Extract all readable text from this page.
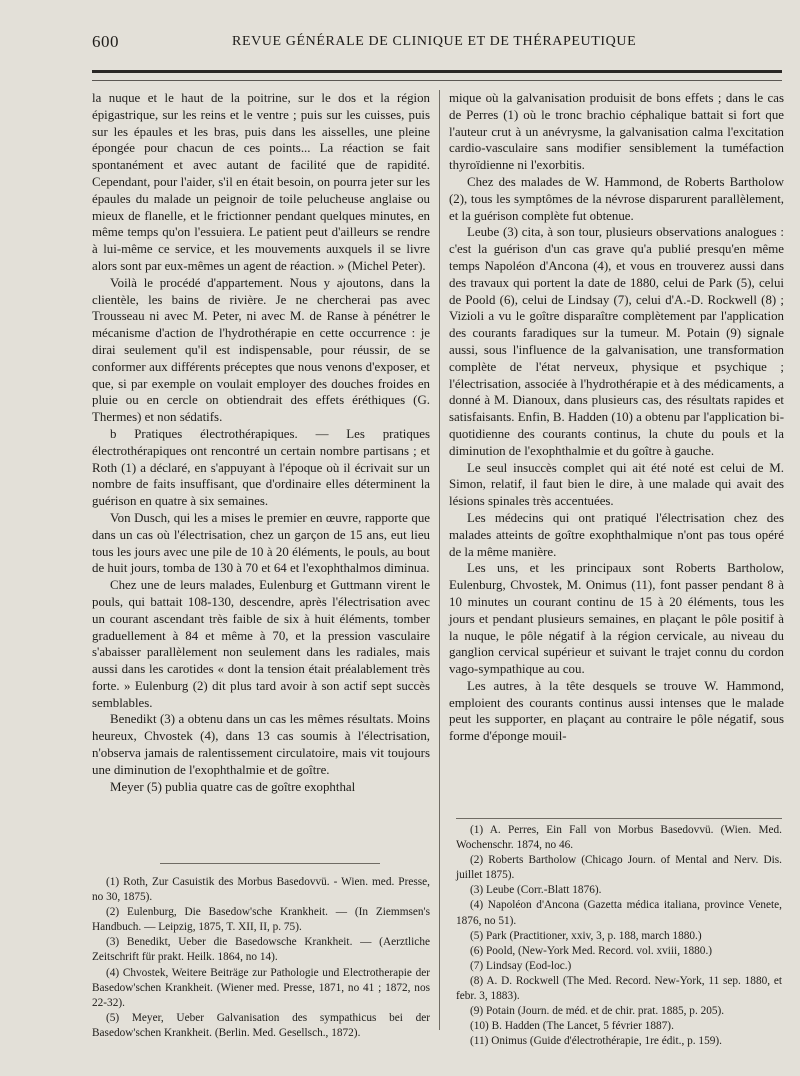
600	REVUE GÉNÉRALE DE CLINIQUE ET DE THÉRAPEUTIQUE

la nuque et le haut de la poitrine, sur le dos et la région épigastrique, sur les reins et le ventre ; puis sur les cuisses, puis sur les épaules et les bras, puis dans les aisselles, une pleine épongée pour chacun de ces points... La réaction se fait spontanément et avec autant de facilité que de rapidité. Cependant, pour l'aider, s'il en était besoin, on pourra jeter sur les épaules du malade un peignoir de toile pelucheuse anglaise ou mieux de flanelle, et le frictionner pendant quelques minutes, en même temps qu'on l'essuiera. Le patient peut d'ailleurs se rendre à lui-même ce service, et les mouvements auxquels il se livre alors sont par eux-mêmes un agent de réaction. » (Michel Peter).

Voilà le procédé d'appartement. Nous y ajoutons, dans la clientèle, les bains de rivière. Je ne chercherai pas avec Trousseau ni avec M. Peter, ni avec M. de Ranse à pénétrer le mécanisme d'action de l'hydrothérapie en cette occurrence : je dirai seulement qu'il est indispensable, pour réussir, de se conformer aux différents préceptes que nous venons d'exposer, et que, si par exemple on voulait employer des douches froides en pluie ou en cercle on obtiendrait des effets éréthiques (G. Thermes) et non sédatifs.

b Pratiques électrothérapiques. — Les pratiques électrothérapiques ont rencontré un certain nombre partisans ; et Roth (1) a déclaré, en s'appuyant à l'époque où il écrivait sur un nombre de faits insuffisant, que d'ordinaire elles déterminent la guérison en quatre à six semaines.

Von Dusch, qui les a mises le premier en œuvre, rapporte que dans un cas où l'électrisation, chez un garçon de 15 ans, eut lieu tous les jours avec une pile de 10 à 20 éléments, le pouls, au bout de huit jours, tomba de 130 à 70 et 64 et l'exophthalmos diminua.

Chez une de leurs malades, Eulenburg et Guttmann virent le pouls, qui battait 108-130, descendre, après l'électrisation avec un courant ascendant très faible de six à huit éléments, tomber graduellement à 84 et même à 70, et la pression vasculaire s'abaisser parallèlement non seulement dans les radiales, mais aussi dans les carotides « dont la tension était préalablement très forte. » Eulenburg (2) dit plus tard avoir à son actif sept succès semblables.

Benedikt (3) a obtenu dans un cas les mêmes résultats. Moins heureux, Chvostek (4), dans 13 cas soumis à l'électrisation, n'observa jamais de ralentissement circulatoire, mais vit toujours une diminution de l'exophthalmie et de goître.

Meyer (5) publia quatre cas de goître exophthal

mique où la galvanisation produisit de bons effets ; dans le cas de Perres (1) où le tronc brachio céphalique battait si fort que l'auteur crut à un anévrysme, la galvanisation calma l'excitation cardio-vasculaire sans modifier sensiblement la tuméfaction thyroïdienne ni l'exorbitis.

Chez des malades de W. Hammond, de Roberts Bartholow (2), tous les symptômes de la névrose disparurent parallèlement, et la guérison complète fut obtenue.

Leube (3) cita, à son tour, plusieurs observations analogues : c'est la guérison d'un cas grave qu'a publié presqu'en même temps Napoléon d'Ancona (4), et vous en trouverez aussi dans des travaux qui portent la date de 1880, celui de Park (5), celui de Poold (6), celui de Lindsay (7), celui d'A.-D. Rockwell (8) ; Vizioli a vu le goître disparaître complètement par l'application des courants faradiques sur la tumeur. M. Potain (9) signale aussi, sous l'influence de la galvanisation, une transformation complète de l'état nerveux, physique et psychique ; l'électrisation, associée à l'hydrothérapie et à des médicaments, a donné à M. Dianoux, dans plusieurs cas, des résultats rapides et satisfaisants. Enfin, B. Hadden (10) a obtenu par l'application bi-quotidienne des courants continus, la chute du pouls et la diminution de l'exophthalmie et du goître à gauche.

Le seul insuccès complet qui ait été noté est celui de M. Simon, relatif, il faut bien le dire, à une malade qui avait des lésions spinales très accentuées.

Les médecins qui ont pratiqué l'électrisation chez des malades atteints de goître exophthalmique n'ont pas tous opéré de la même manière.

Les uns, et les principaux sont Roberts Bartholow, Eulenburg, Chvostek, M. Onimus (11), font passer pendant 8 à 10 minutes un courant continu de 15 à 20 éléments, tous les jours et pendant plusieurs semaines, en plaçant le pôle positif à la nuque, le pôle négatif à la région cervicale, au niveau du ganglion cervical supérieur et suivant le trajet connu du cordon vago-sympathique au cou.

Les autres, à la tête desquels se trouve W. Hammond, emploient des courants continus aussi intenses que le malade peut les supporter, en plaçant au contraire le pôle négatif, sous forme d'éponge mouil-

(1) Roth, Zur Casuistik des Morbus Basedovvü. - Wien. med. Presse, no 30, 1875).

(2) Eulenburg, Die Basedow'sche Krankheit. — (In Ziemmsen's Handbuch. — Leipzig, 1875, T. XII, II, p. 75).

(3) Benedikt, Ueber die Basedowsche Krankheit. — (Aerztliche Zeitschrift für prakt. Heilk. 1864, no 14).

(4) Chvostek, Weitere Beiträge zur Pathologie und Electrotherapie der Basedow'schen Krankheit. (Wiener med. Presse, 1871, no 41 ; 1872, nos 22-32).

(5) Meyer, Ueber Galvanisation des sympathicus bei der Basedow'schen Krankheit. (Berlin. Med. Gesellsch., 1872).

(1) A. Perres, Ein Fall von Morbus Basedovvü. (Wien. Med. Wochenschr. 1874, no 46.

(2) Roberts Bartholow (Chicago Journ. of Mental and Nerv. Dis. juillet 1875).

(3) Leube (Corr.-Blatt 1876).

(4) Napoléon d'Ancona (Gazetta médica italiana, province Venete, 1876, no 51).

(5) Park (Practitioner, xxiv, 3, p. 188, march 1880.)

(6) Poold, (New-York Med. Record. vol. xviii, 1880.)

(7) Lindsay (Eod-loc.)

(8) A. D. Rockwell (The Med. Record. New-York, 11 sep. 1880, et febr. 3, 1883).

(9) Potain (Journ. de méd. et de chir. prat. 1885, p. 205).

(10) B. Hadden (The Lancet, 5 février 1887).

(11) Onimus (Guide d'électrothérapie, 1re édit., p. 159).
